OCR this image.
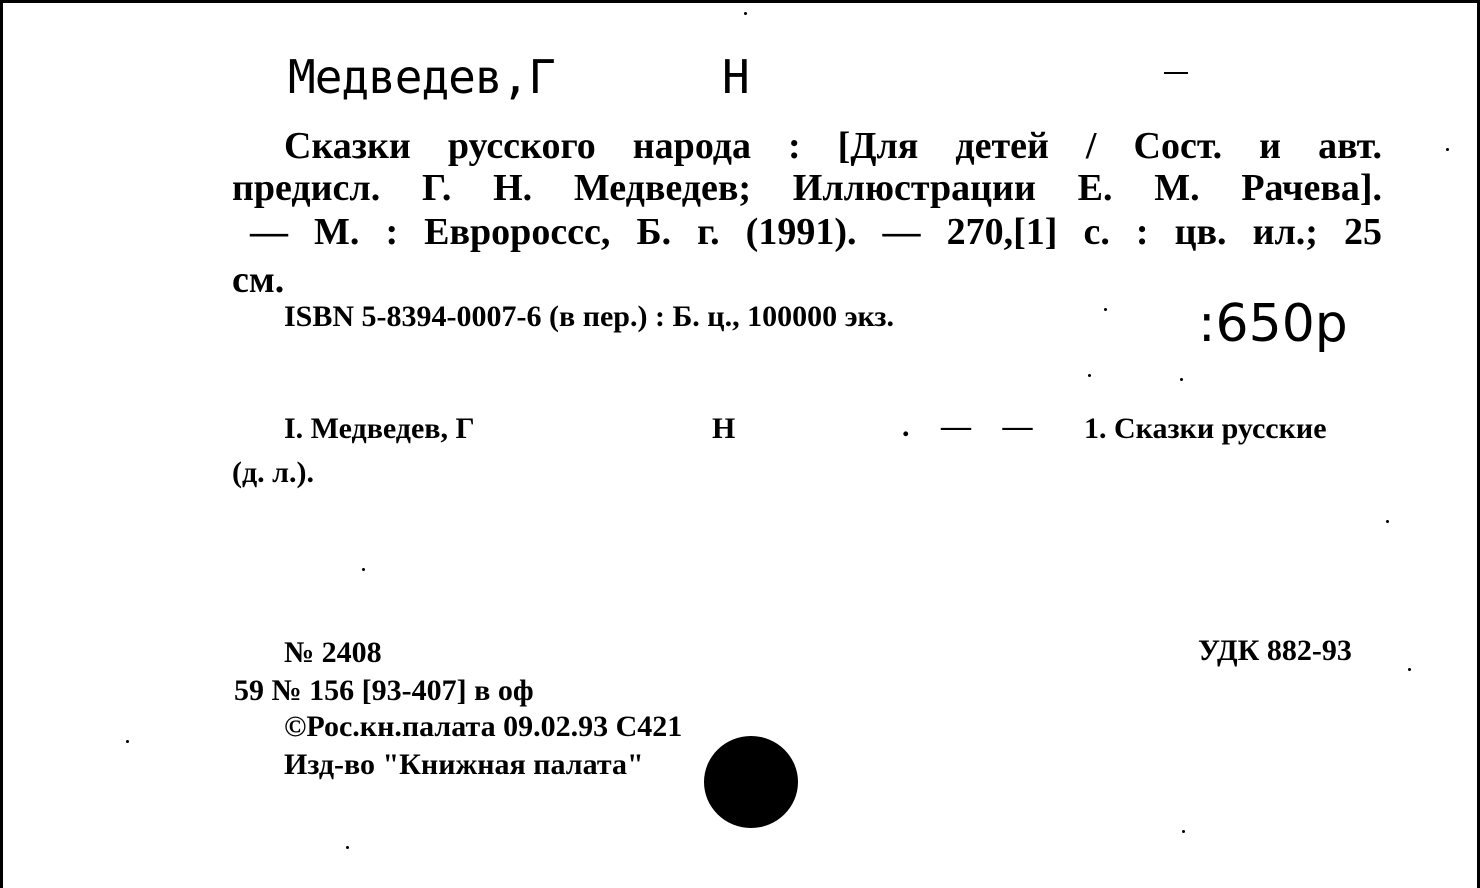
Медведев,Г	Н

Сказки русского народа : [Для детей / Сост. и авт.

предисл. Г. Н. Медведев; Иллюстрации Е. М. Рачева].

— М. : Евророссс, Б. г. (1991). — 270,[1] с. : цв. ил.; 25

см.

ISBN 5-8394-0007-6 (в пер.) : Б. ц., 100000 экз.	:650р

I. Медведев, Г	Н	. — — 1. Сказки русские

(д. л.).

№ 2408	УДК 882-93

59 № 156 [93-407] в оф

©Рос.кн.палата 09.02.93 С421

Изд-во "Книжная палата"
